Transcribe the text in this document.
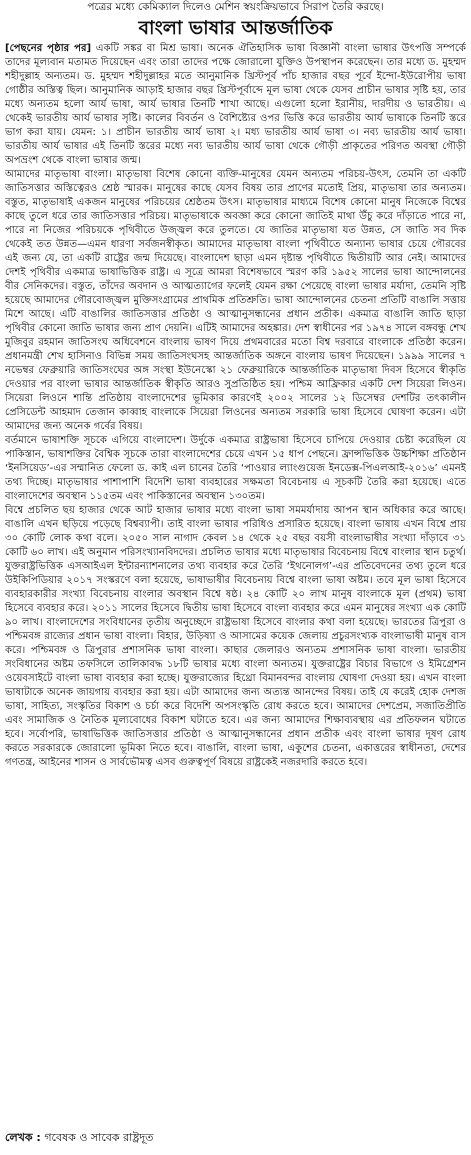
পত্রের মধ্যে কেমিক্যাল দিলেও মেশিন স্বয়ংক্রিয়ভাবে সিরাপ তৈরি করছে।
বাংলা ভাষার আন্তর্জাতিক

[পেছনের পৃষ্ঠার পর] একটি সঙ্কর বা মিশ্র ভাষা। অনেক ঐতিহাসিক ভাষা বিজ্ঞানী বাংলা ভাষার উৎপত্তি সম্পর্কে তাদের মূল্যবান মতামত দিয়েছেন এবং তারা তাদের পক্ষে জোরালো যুক্তিও উপস্থাপন করেছেন। তার মধ্যে ড. মুহম্মদ শহীদুল্লাহ অন্যতম। ড. মুহম্মদ শহীদুল্লাহর মতে আনুমানিক খ্রিস্টপূর্ব পাঁচ হাজার বছর পূর্বে ইন্দো-ইউরোপীয় ভাষা গোষ্ঠীর অস্তিত্ব ছিল। আনুমানিক আড়াই হাজার বছর খ্রিস্টপূর্বাব্দে মূল ভাষা থেকে যেসব প্রাচীন ভাষার সৃষ্টি হয়, তার মধ্যে অন্যতম হলো আর্য ভাষা, আর্য ভাষার তিনটি শাখা আছে। এগুলো হলো ইরানীয়, দারদীয় ও ভারতীয়। এ থেকেই ভারতীয় আর্য ভাষার সৃষ্টি। কালের বিবর্তন ও বৈশিষ্ট্যের ওপর ভিত্তি করে ভারতীয় আর্য ভাষাকে তিনটি স্তরে ভাগ করা যায়। যেমন: ১। প্রাচীন ভারতীয় আর্য ভাষা ২। মধ্য ভারতীয় আর্য ভাষা ৩। নব্য ভারতীয় আর্য ভাষা। ভারতীয় আর্য ভাষার এই তিনটি স্তরের মধ্যে নব্য ভারতীয় আর্য ভাষা থেকে গৌড়ী প্রাকৃতের পরিণত অবস্থা গৌড়ী অপভ্রংশ থেকে বাংলা ভাষার জন্ম।

আমাদের মাতৃভাষা বাংলা। মাতৃভাষা বিশেষ কোনো ব্যক্তি-মানুষের যেমন অন্যতম পরিচয়-উৎস, তেমনি তা একটি জাতিসত্তার অস্তিত্বেরও শ্রেষ্ঠ স্মারক। মানুষের কাছে যেসব বিষয় তার প্রাণের মতোই প্রিয়, মাতৃভাষা তার অন্যতম। বস্তুত, মাতৃভাষাই একজন মানুষের পরিচয়ের শ্রেষ্ঠতম উৎস। মাতৃভাষার মাধ্যমে বিশেষ কোনো মানুষ নিজেকে বিশ্বের কাছে তুলে ধরে তার জাতিসত্তার পরিচয়। মাতৃভাষাকে অবজ্ঞা করে কোনো জাতিই মাথা উঁচু করে দাঁড়াতে পারে না, পারে না নিজের পরিচয়কে পৃথিবীতে উজ্জ্বল করে তুলতে। যে জাতির মাতৃভাষা যত উন্নত, সে জাতি সব দিক থেকেই তত উন্নত—এমন ধারণা সর্বজনস্বীকৃত। আমাদের মাতৃভাষা বাংলা পৃথিবীতে অন্যান্য ভাষার চেয়ে গৌরবের এই জন্য যে, তা একটি রাষ্ট্রের জন্ম দিয়েছে। বাংলাদেশ ছাড়া এমন দৃষ্টান্ত পৃথিবীতে দ্বিতীয়টি আর নেই। আমাদের দেশই পৃথিবীর একমাত্র ভাষাভিত্তিক রাষ্ট্র। এ সূত্রে আমরা বিশেষভাবে স্মরণ করি ১৯৫২ সালের ভাষা আন্দোলনের বীর সেনিকদের। বস্তুত, তাঁদের অবদান ও আত্মত্যাগের ফলেই যেমন রক্ষা পেয়েছে বাংলা ভাষার মর্যাদা, তেমনি সৃষ্টি হয়েছে আমাদের গৌরবোজ্জ্বল মুক্তিসংগ্রামের প্রাথমিক প্রতিশ্রুতি। ভাষা আন্দোলনের চেতনা প্রতিটি বাঙালি সত্তায় মিশে আছে। এটি বাঙালির জাতিসত্তার প্রতিষ্ঠা ও আত্মানুসন্ধানের প্রধান প্রতীক। একমাত্র বাঙালি জাতি ছাড়া পৃথিবীর কোনো জাতি ভাষার জন্য প্রাণ দেয়নি। এটিই আমাদের অহঙ্কার। দেশ স্বাধীনের পর ১৯৭৪ সালে বঙ্গবন্ধু শেখ মুজিবুর রহমান জাতিসংঘ অধিবেশনে বাংলায় ভাষণ দিয়ে প্রথমবারের মতো বিশ্ব দরবারে বাংলাকে প্রতিষ্ঠা করেন। প্রধানমন্ত্রী শেখ হাসিনাও বিভিন্ন সময় জাতিসংঘসহ আন্তর্জাতিক অঙ্গনে বাংলায় ভাষণ দিয়েছেন। ১৯৯৯ সালের ৭ নভেম্বর ফেব্রুয়ারি জাতিসংঘের অঙ্গ সংস্থা ইউনেস্কো ২১ ফেব্রুয়ারিকে আন্তর্জাতিক মাতৃভাষা দিবস হিসেবে স্বীকৃতি দেওয়ার পর বাংলা ভাষার আন্তর্জাতিক স্বীকৃতি আরও সুপ্রতিষ্ঠিত হয়। পশ্চিম আফ্রিকার একটি দেশ সিয়েরা লিওন। সিয়েরা লিওনে শান্তি প্রতিষ্ঠায় বাংলাদেশের ভূমিকার কারণেই ২০০২ সালের ১২ ডিসেম্বর দেশটির তৎকালীন প্রেসিডেন্ট আহমাদ তেজান কাব্বাহ বাংলাকে সিয়েরা লিওনের অন্যতম সরকারি ভাষা হিসেবে ঘোষণা করেন। এটা আমাদের জন্য অনেক গর্বের বিষয়।

বর্তমানে ভাষাশক্তি সূচকে এগিয়ে বাংলাদেশ। উর্দুকে একমাত্র রাষ্ট্রভাষা হিসেবে চাপিয়ে দেওয়ার চেষ্টা করেছিল যে পাকিস্তান, ভাষাশক্তির বৈশ্বিক সূচকে তারা বাংলাদেশের চেয়ে এখন ১৫ ধাপ পেছনে। ফ্রান্সভিত্তিক উচ্চশিক্ষা প্রতিষ্ঠান ‘ইনসিয়েড’-এর সম্মানিত ফেলো ড. কাই এল চানের তৈরি ‘পাওয়ার ল্যাংগুয়েজ ইনডেক্স-পিএলআই-২০১৬’ এমনই তথ্য দিচ্ছে। মাতৃভাষার পাশাপাশি বিদেশি ভাষা ব্যবহারের সক্ষমতা বিবেচনায় এ সূচকটি তৈরি করা হয়েছে। এতে বাংলাদেশের অবস্থান ১১৫তম এবং পাকিস্তানের অবস্থান ১৩০তম।

বিশ্বে প্রচলিত ছয় হাজার থেকে আট হাজার ভাষার মধ্যে বাংলা ভাষা সমমর্যাদায় আপন স্থান অধিকার করে আছে। বাঙালি এখন ছড়িয়ে পড়েছে বিশ্বব্যাপী। তাই বাংলা ভাষার পরিধিও প্রসারিত হয়েছে। বাংলা ভাষায় এখন বিশ্বে প্রায় ৩০ কোটি লোক কথা বলে। ২০৫০ সাল নাগাদ কেবল ১৪ থেকে ২৫ বছর বয়সী বাংলাভাষীর সংখ্যা দাঁড়াবে ৩১ কোটি ৬০ লাখ। এই অনুমান পরিসংখ্যানবিদদের। প্রচলিত ভাষার মধ্যে মাতৃভাষার বিবেচনায় বিশ্বে বাংলার স্থান চতুর্থ। যুক্তরাষ্ট্রভিত্তিক এসআইএল ইন্টারন্যাশনালের তথ্য ব্যবহার করে তৈরি ‘ইথনোলগ’-এর প্রতিবেদনের তথ্য তুলে ধরে উইকিপিডিয়ার ২০১৭ সংস্করণে বলা হয়েছে, ভাষাভাষীর বিবেচনায় বিশ্বে বাংলা ভাষা অষ্টম। তবে মূল ভাষা হিসেবে ব্যবহারকারীর সংখ্যা বিবেচনায় বাংলার অবস্থান বিশ্বে ষষ্ঠ। ২৪ কোটি ২০ লাখ মানুষ বাংলাকে মূল (প্রথম) ভাষা হিসেবে ব্যবহার করে। ২০১১ সালের হিসেবে দ্বিতীয় ভাষা হিসেবে বাংলা ব্যবহার করে এমন মানুষের সংখ্যা এক কোটি ৯০ লাখ। বাংলাদেশের সংবিধানের তৃতীয় অনুচ্ছেদে রাষ্ট্রভাষা হিসেবে বাংলার কথা বলা হয়েছে। ভারতের ত্রিপুরা ও পশ্চিমবঙ্গ রাজ্যের প্রধান ভাষা বাংলা। বিহার, উড়িষ্যা ও আসামের কয়েক জেলায় প্রচুরসংখ্যক বাংলাভাষী মানুষ বাস করে। পশ্চিমবঙ্গ ও ত্রিপুরার প্রশাসনিক ভাষা বাংলা। কাছার জেলারও অন্যতম প্রশাসনিক ভাষা বাংলা। ভারতীয় সংবিধানের অষ্টম তফসিলে তালিকাবদ্ধ ১৮টি ভাষার মধ্যে বাংলা অন্যতম। যুক্তরাষ্ট্রের বিচার বিভাগে ও ইমিগ্রেশন ওয়েবসাইটে বাংলা ভাষা ব্যবহার করা হচ্ছে। যুক্তরাজ্যের হিথ্রো বিমানবন্দর বাংলায় ঘোষণা দেওয়া হয়। এখন বাংলা ভাষাটাকে অনেক জায়গায় ব্যবহার করা হয়। এটা আমাদের জন্য অত্যন্ত আনন্দের বিষয়। তাই যে করেই হোক দেশজ ভাষা, সাহিত্য, সংস্কৃতির বিকাশ ও চর্চা করে বিদেশি অপসংস্কৃতি রোধ করতে হবে। আমাদের দেশপ্রেম, সজাতিপ্রীতি এবং সামাজিক ও নৈতিক মূল্যবোধের বিকাশ ঘটাতে হবে। এর জন্য আমাদের শিক্ষাব্যবস্থায় এর প্রতিফলন ঘটাতে হবে। সর্বোপরি, ভাষাভিত্তিক জাতিসত্তার প্রতিষ্ঠা ও আত্মানুসন্ধানের প্রধান প্রতীক এবং বাংলা ভাষার দূষণ রোধ করতে সরকারকে জোরালো ভূমিকা নিতে হবে। বাঙালি, বাংলা ভাষা, একুশের চেতনা, একাত্তরের স্বাধীনতা, দেশের গণতন্ত্র, আইনের শাসন ও সার্বভৌমত্ব এসব গুরুত্বপূর্ণ বিষয়ে রাষ্ট্রকেই নজরদারি করতে হবে।

লেখক : গবেষক ও সাবেক রাষ্ট্রদূত
